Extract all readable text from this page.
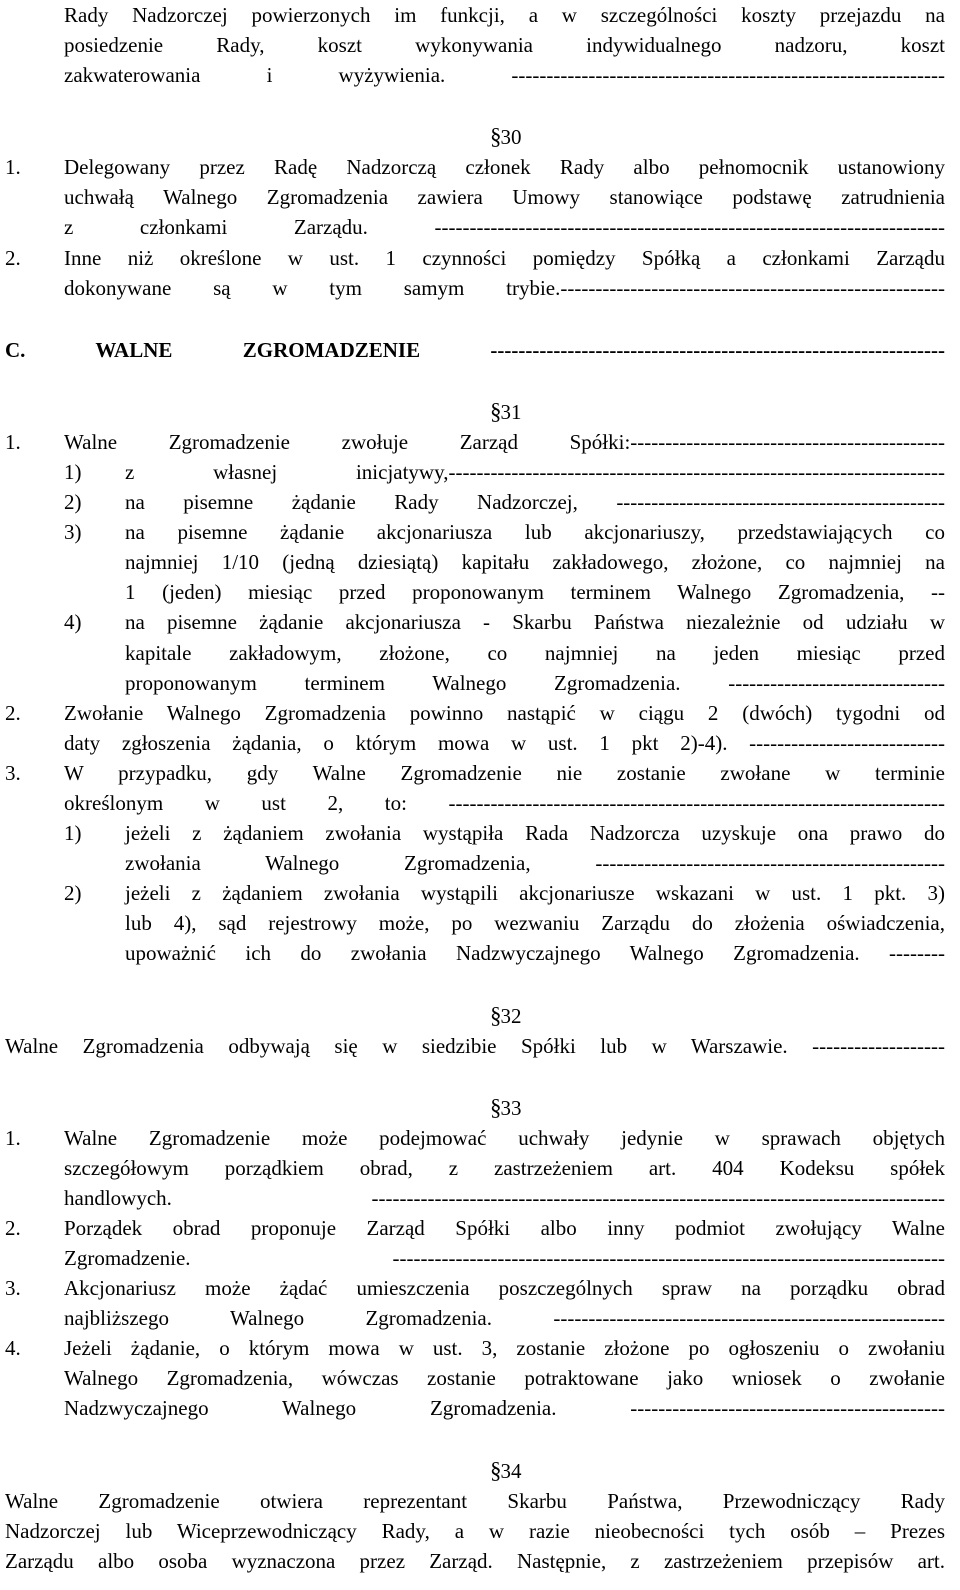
Rady Nadzorczej powierzonych im funkcji, a w szczególności koszty przejazdu na
posiedzenie Rady, koszt wykonywania indywidualnego nadzoru, koszt
zakwaterowania i wyżywienia. --------------------------------------------------------------
§30
1. Delegowany przez Radę Nadzorczą członek Rady albo pełnomocnik ustanowiony
uchwałą Walnego Zgromadzenia zawiera Umowy stanowiące podstawę zatrudnienia
z członkami Zarządu. -------------------------------------------------------------------------
2. Inne niż określone w ust. 1 czynności pomiędzy Spółką a członkami Zarządu
dokonywane są w tym samym trybie.-------------------------------------------------------
C. WALNE ZGROMADZENIE -----------------------------------------------------------------
§31
1. Walne Zgromadzenie zwołuje Zarząd Spółki:---------------------------------------------
1) z własnej inicjatywy,-----------------------------------------------------------------------
2) na pisemne żądanie Rady Nadzorczej, -----------------------------------------------
3) na pisemne żądanie akcjonariusza lub akcjonariuszy, przedstawiających co
najmniej 1/10 (jedną dziesiątą) kapitału zakładowego, złożone, co najmniej na
1 (jeden) miesiąc przed proponowanym terminem Walnego Zgromadzenia, --
4) na pisemne żądanie akcjonariusza - Skarbu Państwa niezależnie od udziału w
kapitale zakładowym, złożone, co najmniej na jeden miesiąc przed
proponowanym terminem Walnego Zgromadzenia. -------------------------------
2. Zwołanie Walnego Zgromadzenia powinno nastąpić w ciągu 2 (dwóch) tygodni od
daty zgłoszenia żądania, o którym mowa w ust. 1 pkt 2)-4). ----------------------------
3. W przypadku, gdy Walne Zgromadzenie nie zostanie zwołane w terminie
określonym w ust 2, to: -----------------------------------------------------------------------
1) jeżeli z żądaniem zwołania wystąpiła Rada Nadzorcza uzyskuje ona prawo do
zwołania Walnego Zgromadzenia, --------------------------------------------------
2) jeżeli z żądaniem zwołania wystąpili akcjonariusze wskazani w ust. 1 pkt. 3)
lub 4), sąd rejestrowy może, po wezwaniu Zarządu do złożenia oświadczenia,
upoważnić ich do zwołania Nadzwyczajnego Walnego Zgromadzenia. --------
§32
Walne Zgromadzenia odbywają się w siedzibie Spółki lub w Warszawie. -------------------
§33
1. Walne Zgromadzenie może podejmować uchwały jedynie w sprawach objętych
szczegółowym porządkiem obrad, z zastrzeżeniem art. 404 Kodeksu spółek
handlowych. ----------------------------------------------------------------------------------
2. Porządek obrad proponuje Zarząd Spółki albo inny podmiot zwołujący Walne
Zgromadzenie. -------------------------------------------------------------------------------
3. Akcjonariusz może żądać umieszczenia poszczególnych spraw na porządku obrad
najbliższego Walnego Zgromadzenia. --------------------------------------------------------
4. Jeżeli żądanie, o którym mowa w ust. 3, zostanie złożone po ogłoszeniu o zwołaniu
Walnego Zgromadzenia, wówczas zostanie potraktowane jako wniosek o zwołanie
Nadzwyczajnego Walnego Zgromadzenia. ---------------------------------------------
§34
Walne Zgromadzenie otwiera reprezentant Skarbu Państwa, Przewodniczący Rady
Nadzorczej lub Wiceprzewodniczący Rady, a w razie nieobecności tych osób – Prezes
Zarządu albo osoba wyznaczona przez Zarząd. Następnie, z zastrzeżeniem przepisów art.
